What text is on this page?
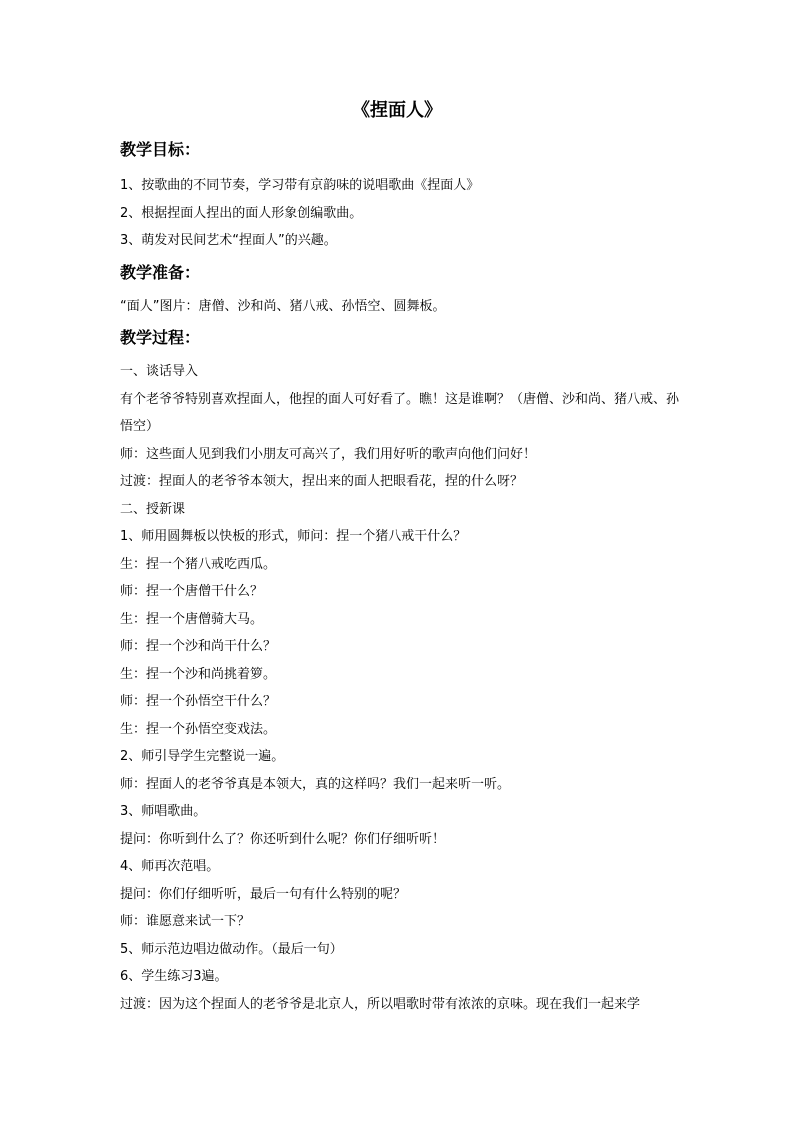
《捏面人》
教学目标：
1、按歌曲的不同节奏，学习带有京韵味的说唱歌曲《捏面人》
2、根据捏面人捏出的面人形象创编歌曲。
3、萌发对民间艺术“捏面人”的兴趣。
教学准备：
“面人”图片：唐僧、沙和尚、猪八戒、孙悟空、圆舞板。
教学过程：
一、谈话导入
有个老爷爷特别喜欢捏面人，他捏的面人可好看了。瞧！这是谁啊？（唐僧、沙和尚、猪八戒、孙悟空）
师：这些面人见到我们小朋友可高兴了，我们用好听的歌声向他们问好！
过渡：捏面人的老爷爷本领大，捏出来的面人把眼看花，捏的什么呀？
二、授新课
1、师用圆舞板以快板的形式，师问：捏一个猪八戒干什么？
生：捏一个猪八戒吃西瓜。
师：捏一个唐僧干什么？
生：捏一个唐僧骑大马。
师：捏一个沙和尚干什么？
生：捏一个沙和尚挑着箩。
师：捏一个孙悟空干什么？
生：捏一个孙悟空变戏法。
2、师引导学生完整说一遍。
师：捏面人的老爷爷真是本领大，真的这样吗？我们一起来听一听。
3、师唱歌曲。
提问：你听到什么了？你还听到什么呢？你们仔细听听！
4、师再次范唱。
提问：你们仔细听听，最后一句有什么特别的呢？
师：谁愿意来试一下？
5、师示范边唱边做动作。（最后一句）
6、学生练习3遍。
过渡：因为这个捏面人的老爷爷是北京人，所以唱歌时带有浓浓的京味。现在我们一起来学
